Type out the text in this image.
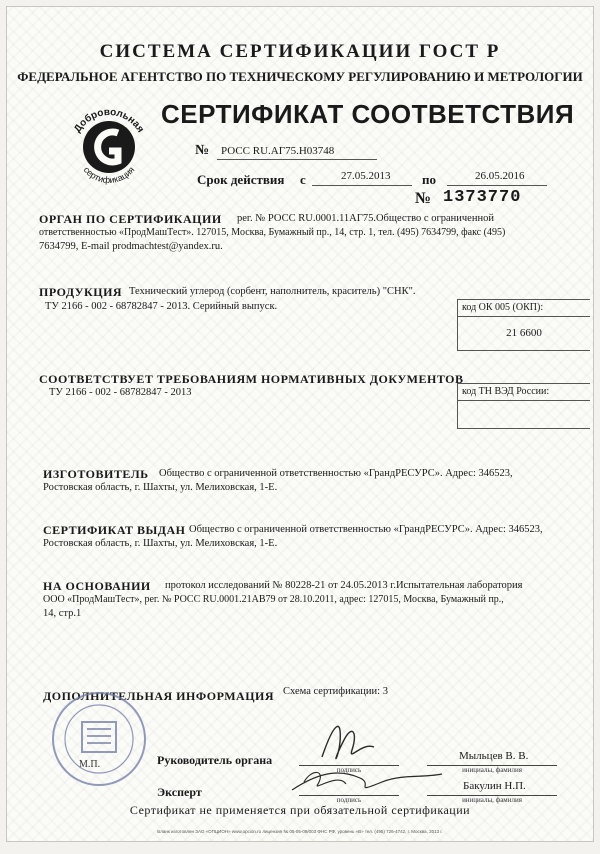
СИСТЕМА СЕРТИФИКАЦИИ ГОСТ Р
ФЕДЕРАЛЬНОЕ АГЕНТСТВО ПО ТЕХНИЧЕСКОМУ РЕГУЛИРОВАНИЮ И МЕТРОЛОГИИ
Добровольная
сертификация
СЕРТИФИКАТ СООТВЕТСТВИЯ
№ РОСС RU.АГ75.Н03748
Срок действия с	27.05.2013 по	26.05.2016
№ 1373770
ОРГАН ПО СЕРТИФИКАЦИИ рег. № РОСС RU.0001.11АГ75.Общество с ограниченной
ответственностью «ПродМашТест». 127015, Москва, Бумажный пр., 14, стр. 1, тел. (495) 7634799, факс (495)
7634799, E-mail prodmachtest@yandex.ru.
ПРОДУКЦИЯ Технический углерод (сорбент, наполнитель, краситель) "СНК".
ТУ 2166 - 002 - 68782847 - 2013. Серийный выпуск.	код ОК 005 (ОКП):
21 6600
СООТВЕТСТВУЕТ ТРЕБОВАНИЯМ НОРМАТИВНЫХ ДОКУМЕНТОВ
ТУ 2166 - 002 - 68782847 - 2013	код ТН ВЭД России:
ИЗГОТОВИТЕЛЬ Общество с ограниченной ответственностью «ГрандРЕСУРС». Адрес: 346523,
Ростовская область, г. Шахты, ул. Мелиховская, 1-Е.
СЕРТИФИКАТ ВЫДАН Общество с ограниченной ответственностью «ГрандРЕСУРС». Адрес: 346523,
Ростовская область, г. Шахты, ул. Мелиховская, 1-Е.
НА ОСНОВАНИИ протокол исследований № 80228-21 от 24.05.2013 г.Испытательная лаборатория
ООО «ПродМашТест», рег. № РОСС RU.0001.21АВ79 от 28.10.2011, адрес: 127015, Москва, Бумажный пр.,
14, стр.1
ДОПОЛНИТЕЛЬНАЯ ИНФОРМАЦИЯ Схема сертификации: 3
М.П.	Руководитель органа
подпись
Мыльцев В. В.
инициалы, фамилия
Эксперт
подпись
Бакулин Н.П.
инициалы, фамилия
Сертификат не применяется при обязательной сертификации
Бланк изготовлен ЗАО «ОПЦИОН» www.opcion.ru лицензия № 05-05-09/003 ФНС РФ, уровень «В» тел. (495) 726-4742, г. Москва, 2013 г.
